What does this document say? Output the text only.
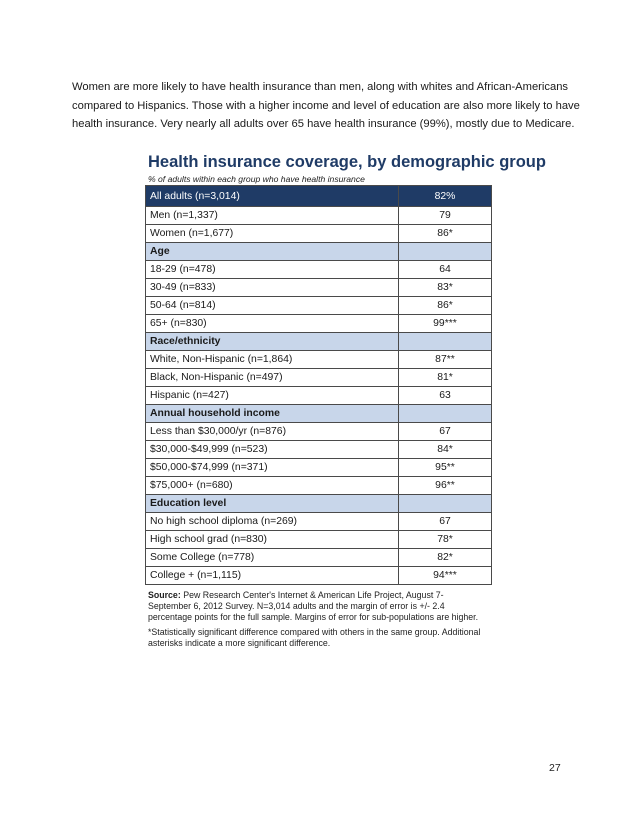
Women are more likely to have health insurance than men, along with whites and African-Americans
compared to Hispanics. Those with a higher income and level of education are also more likely to have
health insurance. Very nearly all adults over 65 have health insurance (99%), mostly due to Medicare.
Health insurance coverage, by demographic group
% of adults within each group who have health insurance
All adults (n=3,014)	82%
Men (n=1,337)	79
Women (n=1,677)	86*
Age	
18-29 (n=478)	64
30-49 (n=833)	83*
50-64 (n=814)	86*
65+ (n=830)	99***
Race/ethnicity	
White, Non-Hispanic (n=1,864)	87**
Black, Non-Hispanic (n=497)	81*
Hispanic (n=427)	63
Annual household income	
Less than $30,000/yr (n=876)	67
$30,000-$49,999 (n=523)	84*
$50,000-$74,999 (n=371)	95**
$75,000+ (n=680)	96**
Education level	
No high school diploma (n=269)	67
High school grad (n=830)	78*
Some College (n=778)	82*
College + (n=1,115)	94***

Source: Pew Research Center's Internet & American Life Project, August 7-September 6, 2012 Survey. N=3,014 adults and the margin of error is +/- 2.4 percentage points for the full sample. Margins of error for sub-populations are higher.

*Statistically significant difference compared with others in the same group. Additional asterisks indicate a more significant difference.

27
